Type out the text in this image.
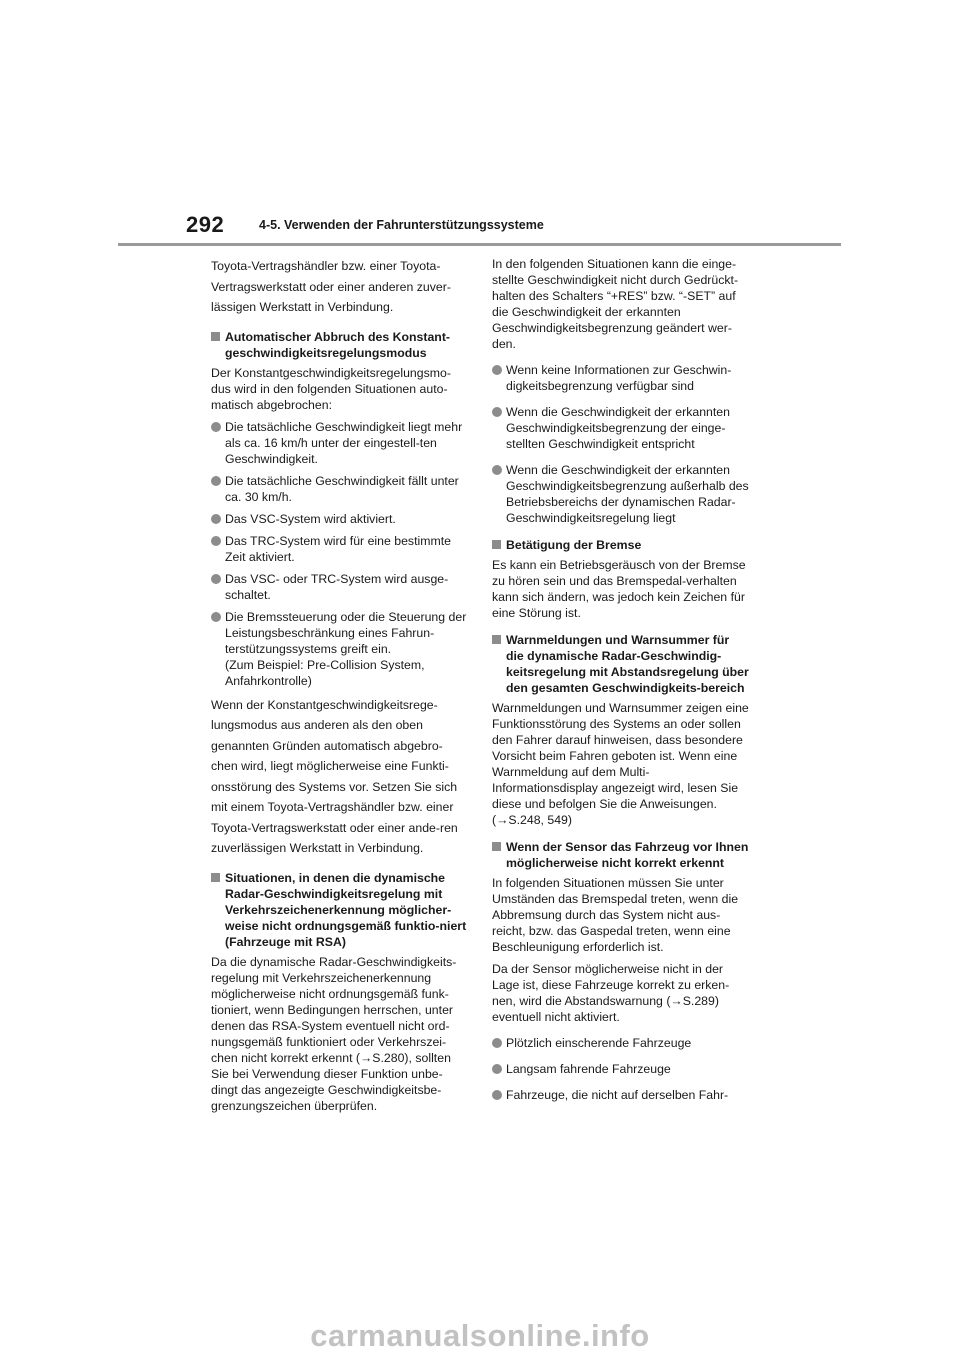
292	4-5. Verwenden der Fahrunterstützungssysteme

Toyota-Vertragshändler bzw. einer Toyota-Vertragswerkstatt oder einer anderen zuver-lässigen Werkstatt in Verbindung.

Automatischer Abbruch des Konstant-geschwindigkeitsregelungsmodus

Der Konstantgeschwindigkeitsregelungsmo-dus wird in den folgenden Situationen auto-matisch abgebrochen:

Die tatsächliche Geschwindigkeit liegt mehr als ca. 16 km/h unter der eingestell-ten Geschwindigkeit.
Die tatsächliche Geschwindigkeit fällt unter ca. 30 km/h.
Das VSC-System wird aktiviert.
Das TRC-System wird für eine bestimmte Zeit aktiviert.
Das VSC- oder TRC-System wird ausge-schaltet.
Die Bremssteuerung oder die Steuerung der Leistungsbeschränkung eines Fahrun-terstützungssystems greift ein.
(Zum Beispiel: Pre-Collision System, Anfahrkontrolle)

Wenn der Konstantgeschwindigkeitsrege-lungsmodus aus anderen als den oben genannten Gründen automatisch abgebro-chen wird, liegt möglicherweise eine Funkti-onsstörung des Systems vor. Setzen Sie sich mit einem Toyota-Vertragshändler bzw. einer Toyota-Vertragswerkstatt oder einer ande-ren zuverlässigen Werkstatt in Verbindung.

Situationen, in denen die dynamische Radar-Geschwindigkeitsregelung mit Verkehrszeichenerkennung möglicher-weise nicht ordnungsgemäß funktio-niert (Fahrzeuge mit RSA)

Da die dynamische Radar-Geschwindigkeits-regelung mit Verkehrszeichenerkennung möglicherweise nicht ordnungsgemäß funk-tioniert, wenn Bedingungen herrschen, unter denen das RSA-System eventuell nicht ord-nungsgemäß funktioniert oder Verkehrszei-chen nicht korrekt erkennt (→S.280), sollten Sie bei Verwendung dieser Funktion unbe-dingt das angezeigte Geschwindigkeitsbe-grenzungszeichen überprüfen.

In den folgenden Situationen kann die einge-stellte Geschwindigkeit nicht durch Gedrückt-halten des Schalters “+RES” bzw. “-SET” auf die Geschwindigkeit der erkannten Geschwindigkeitsbegrenzung geändert wer-den.

Wenn keine Informationen zur Geschwin-digkeitsbegrenzung verfügbar sind
Wenn die Geschwindigkeit der erkannten Geschwindigkeitsbegrenzung der einge-stellten Geschwindigkeit entspricht
Wenn die Geschwindigkeit der erkannten Geschwindigkeitsbegrenzung außerhalb des Betriebsbereichs der dynamischen Radar-Geschwindigkeitsregelung liegt
Betätigung der Bremse

Es kann ein Betriebsgeräusch von der Bremse zu hören sein und das Bremspedal-verhalten kann sich ändern, was jedoch kein Zeichen für eine Störung ist.

Warnmeldungen und Warnsummer für die dynamische Radar-Geschwindig-keitsregelung mit Abstandsregelung über den gesamten Geschwindigkeits-bereich

Warnmeldungen und Warnsummer zeigen eine Funktionsstörung des Systems an oder sollen den Fahrer darauf hinweisen, dass besondere Vorsicht beim Fahren geboten ist. Wenn eine Warnmeldung auf dem Multi-Informationsdisplay angezeigt wird, lesen Sie diese und befolgen Sie die Anweisungen. (→S.248, 549)

Wenn der Sensor das Fahrzeug vor Ihnen möglicherweise nicht korrekt erkennt

In folgenden Situationen müssen Sie unter Umständen das Bremspedal treten, wenn die Abbremsung durch das System nicht aus-reicht, bzw. das Gaspedal treten, wenn eine Beschleunigung erforderlich ist.

Da der Sensor möglicherweise nicht in der Lage ist, diese Fahrzeuge korrekt zu erken-nen, wird die Abstandswarnung (→S.289) eventuell nicht aktiviert.

Plötzlich einscherende Fahrzeuge
Langsam fahrende Fahrzeuge
Fahrzeuge, die nicht auf derselben Fahr-
carmanualsonline.info
